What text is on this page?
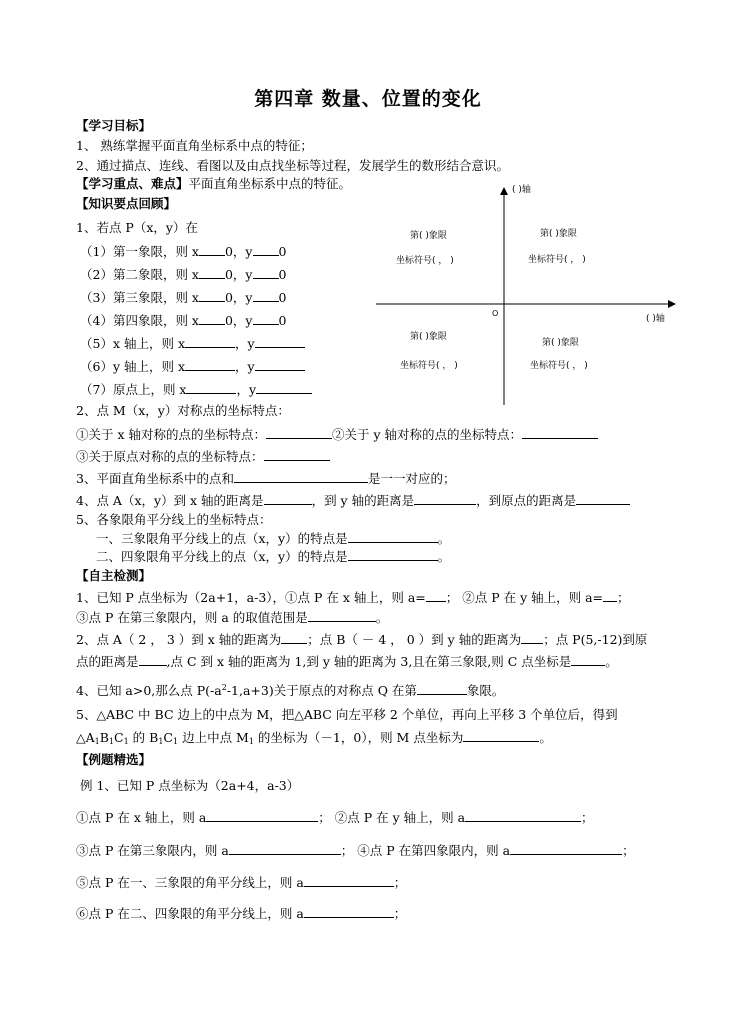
第四章 数量、位置的变化
【学习目标】
1、 熟练掌握平面直角坐标系中点的特征；
2、通过描点、连线、看图以及由点找坐标等过程，发展学生的数形结合意识。
【学习重点、难点】平面直角坐标系中点的特征。
【知识要点回顾】
1、若点 P（x，y）在
（1）第一象限，则 x 0，y 0
（2）第二象限，则 x 0，y 0
（3）第三象限，则 x 0，y 0
（4）第四象限，则 x 0，y 0
（5）x 轴上，则 x	，y
（6）y 轴上，则 x	，y
（7）原点上，则 x	，y
( )轴
( )轴
O
第( )象限
坐标符号( ， )
第( )象限
坐标符号( ， )
第( )象限
坐标符号( ， )
第( )象限
坐标符号( ， )
2、点 M（x，y）对称点的坐标特点：
①关于 x 轴对称的点的坐标特点：	②关于 y 轴对称的点的坐标特点：
③关于原点对称的点的坐标特点：
3、平面直角坐标系中的点和	是一一对应的；
4、点 A（x，y）到 x 轴的距离是	，到 y 轴的距离是	，到原点的距离是
5、各象限角平分线上的坐标特点：
一、三象限角平分线上的点（x，y）的特点是	。
二、四象限角平分线上的点（x，y）的特点是	。
【自主检测】
1、已知 P 点坐标为（2a+1，a-3），①点 P 在 x 轴上，则 a= ； ②点 P 在 y 轴上，则 a= ；
③点 P 在第三象限内，则 a 的取值范围是	。
2、点 A（ 2 ， 3 ）到 x 轴的距离为 ；点 B（ － 4 ， 0 ）到 y 轴的距离为 ；点 P(5,-12)到原
点的距离是 ,点 C 到 x 轴的距离为 1,到 y 轴的距离为 3,且在第三象限,则 C 点坐标是	。
4、已知 a>0,那么点 $P(-a^2-1,a+3)$关于原点的对称点 Q 在第	象限。
5、△ABC 中 BC 边上的中点为 M，把△ABC 向左平移 2 个单位，再向上平移 3 个单位后，得到
$\triangle A_1B_1C_1$ 的 $B_1C_1$ 边上中点 $M_1$ 的坐标为（－1，0），则 M 点坐标为	。
【例题精选】
例 1、已知 P 点坐标为（2a+4，a-3）
①点 P 在 x 轴上，则 a	； ②点 P 在 y 轴上，则 a	；
③点 P 在第三象限内，则 a	； ④点 P 在第四象限内，则 a	；
⑤点 P 在一、三象限的角平分线上，则 a	；
⑥点 P 在二、四象限的角平分线上，则 a	；
